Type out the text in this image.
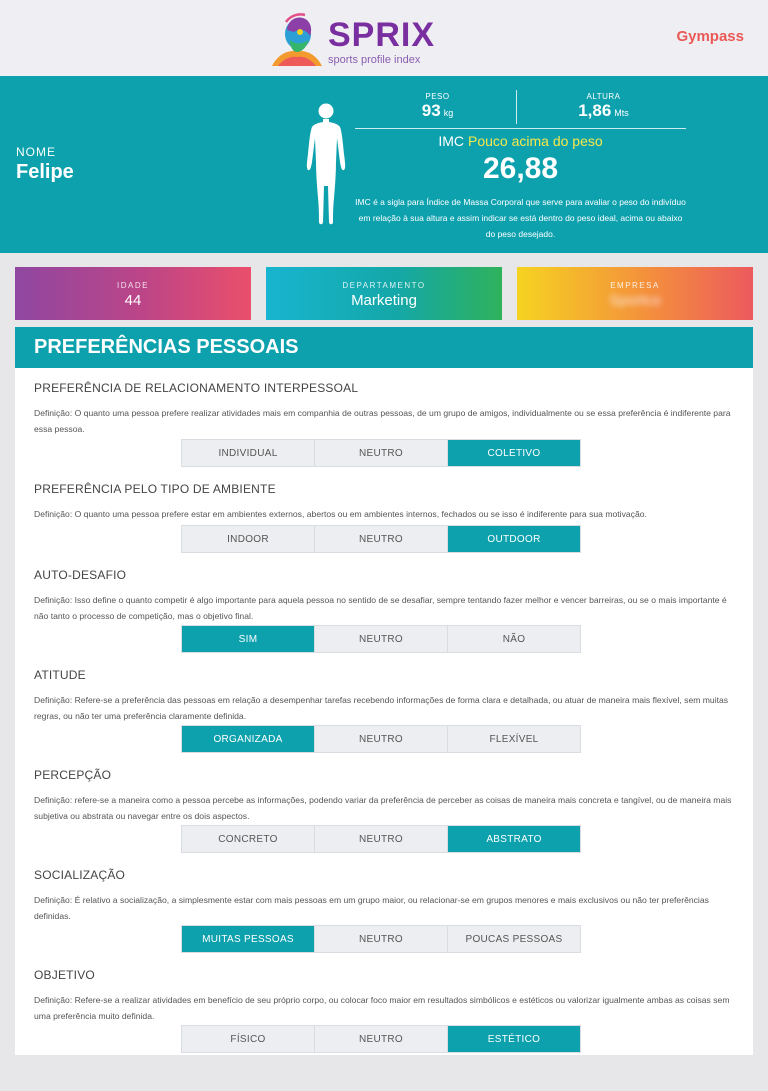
SPRIX
sports profile index
Gympass
NOME
Felipe
PESO
93 kg
ALTURA
1,86 Mts
IMC Pouco acima do peso
26,88
IMC é a sigla para Índice de Massa Corporal que serve para avaliar o peso do indivíduo em relação à sua altura e assim indicar se está dentro do peso ideal, acima ou abaixo do peso desejado.
IDADE
44
DEPARTAMENTO
Marketing
EMPRESA
Sportco
PREFERÊNCIAS PESSOAIS
PREFERÊNCIA DE RELACIONAMENTO INTERPESSOAL
Definição: O quanto uma pessoa prefere realizar atividades mais em companhia de outras pessoas, de um grupo de amigos, individualmente ou se essa preferência é indiferente para essa pessoa.
INDIVIDUAL	NEUTRO	COLETIVO
PREFERÊNCIA PELO TIPO DE AMBIENTE
Definição: O quanto uma pessoa prefere estar em ambientes externos, abertos ou em ambientes internos, fechados ou se isso é indiferente para sua motivação.
INDOOR	NEUTRO	OUTDOOR
AUTO-DESAFIO
Definição: Isso define o quanto competir é algo importante para aquela pessoa no sentido de se desafiar, sempre tentando fazer melhor e vencer barreiras, ou se o mais importante é não tanto o processo de competição, mas o objetivo final.
SIM	NEUTRO	NÃO
ATITUDE
Definição: Refere-se a preferência das pessoas em relação a desempenhar tarefas recebendo informações de forma clara e detalhada, ou atuar de maneira mais flexível, sem muitas regras, ou não ter uma preferência claramente definida.
ORGANIZADA	NEUTRO	FLEXÍVEL
PERCEPÇÃO
Definição: refere-se a maneira como a pessoa percebe as informações, podendo variar da preferência de perceber as coisas de maneira mais concreta e tangível, ou de maneira mais subjetiva ou abstrata ou navegar entre os dois aspectos.
CONCRETO	NEUTRO	ABSTRATO
SOCIALIZAÇÃO
Definição: É relativo a socialização, a simplesmente estar com mais pessoas em um grupo maior, ou relacionar-se em grupos menores e mais exclusivos ou não ter preferências definidas.
MUITAS PESSOAS	NEUTRO	POUCAS PESSOAS
OBJETIVO
Definição: Refere-se a realizar atividades em benefício de seu próprio corpo, ou colocar foco maior em resultados simbólicos e estéticos ou valorizar igualmente ambas as coisas sem uma preferência muito definida.
FÍSICO	NEUTRO	ESTÉTICO
